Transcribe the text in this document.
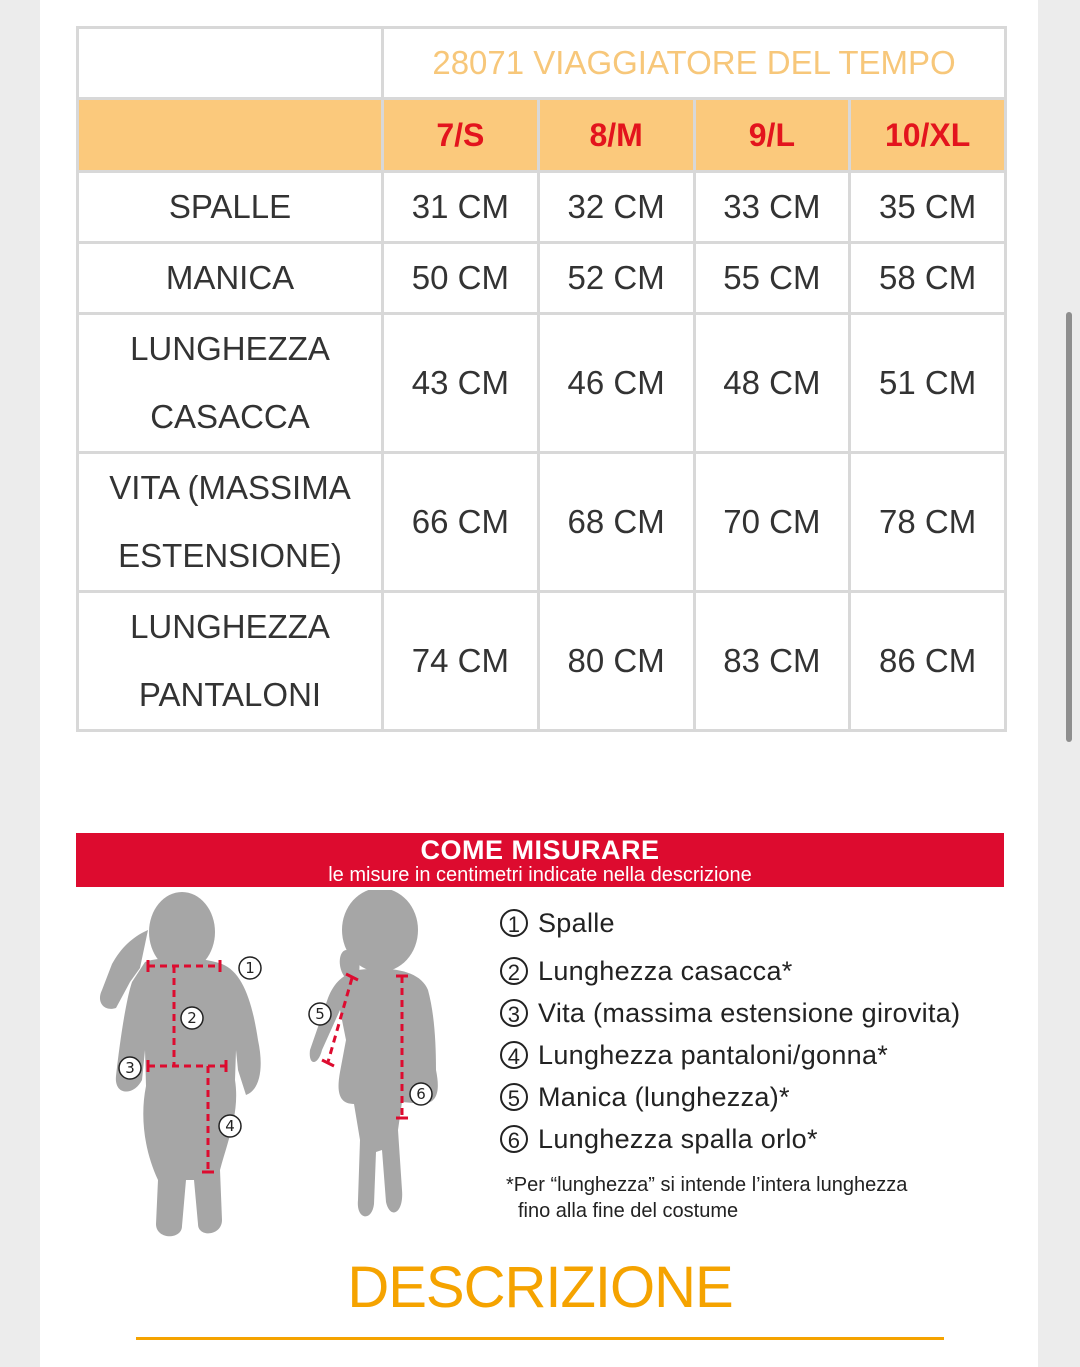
	28071 VIAGGIATORE DEL TEMPO			
	7/S	8/M	9/L	10/XL

SPALLE	31 CM	32 CM	33 CM	35 CM

MANICA	50 CM	52 CM	55 CM	58 CM

LUNGHEZZA
CASACCA	43 CM	46 CM	48 CM	51 CM

VITA (MASSIMA
ESTENSIONE)	66 CM	68 CM	70 CM	78 CM

LUNGHEZZA
PANTALONI	74 CM	80 CM	83 CM	86 CM
COME MISURARE
le misure in centimetri indicate nella descrizione
1
2
3
4
5
6
1 Spalle
2 Lunghezza casacca*
3 Vita (massima estensione girovita)
4 Lunghezza pantaloni/gonna*
5 Manica (lunghezza)*
6 Lunghezza spalla orlo*
*Per “lunghezza” si intende l’intera lunghezza
fino alla fine del costume
DESCRIZIONE
